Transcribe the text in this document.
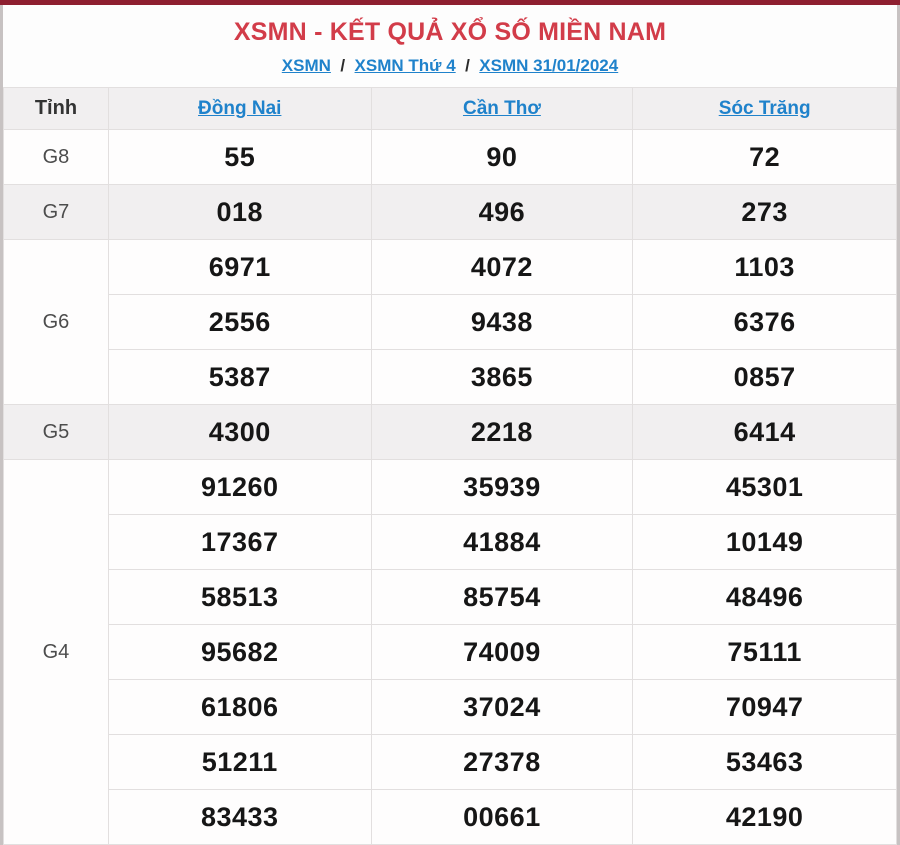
XSMN - KẾT QUẢ XỔ SỐ MIỀN NAM
XSMN / XSMN Thứ 4 / XSMN 31/01/2024
Tỉnh	Đồng Nai	Cần Thơ	Sóc Trăng
G8	55	90	72
G7	018	496	273
G6	6971	4072	1103
	2556	9438	6376
	5387	3865	0857
G5	4300	2218	6414
G4	91260	35939	45301
	17367	41884	10149
	58513	85754	48496
	95682	74009	75111
	61806	37024	70947
	51211	27378	53463
	83433	00661	42190
